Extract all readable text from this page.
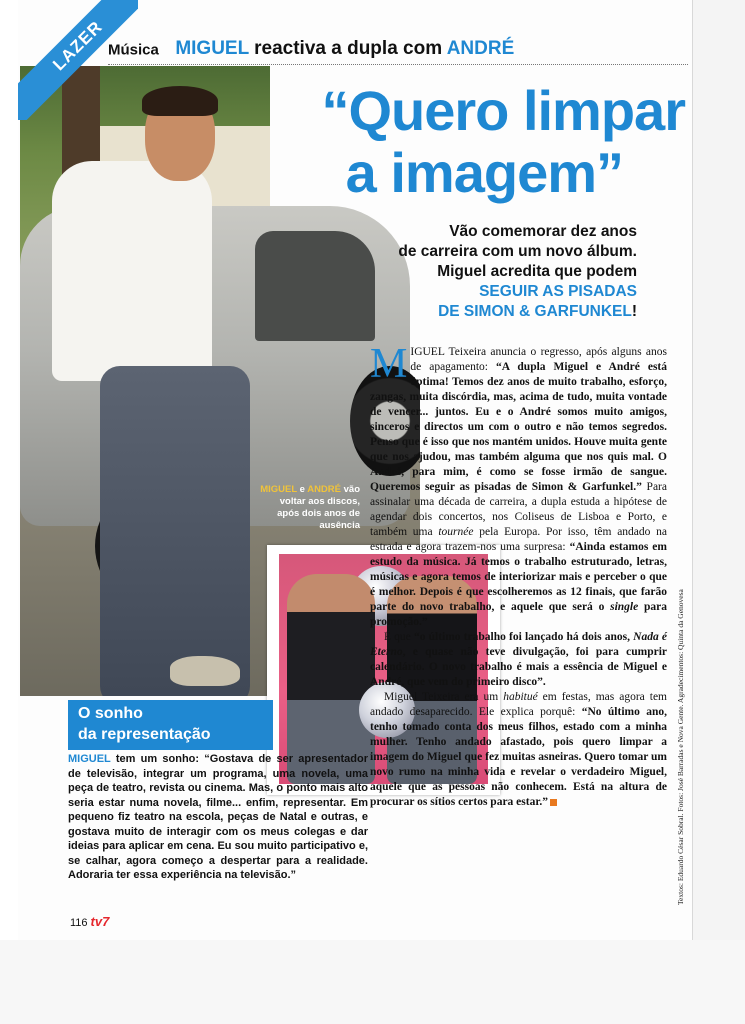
LAZER Música MIGUEL reactiva a dupla com ANDRÉ
“Quero limpar
a imagem”
Vão comemorar dez anos
de carreira com um novo álbum.
Miguel acredita que podem
SEGUIR AS PISADAS
DE SIMON & GARFUNKEL!
MIGUEL e ANDRÉ vão voltar aos discos, após dois anos de ausência
O sonho
da representação
MIGUEL tem um sonho: “Gostava de ser apresentador de televisão, integrar um programa, uma novela, uma peça de teatro, revista ou cinema. Mas, o ponto mais alto seria estar numa novela, filme... enfim, representar. Em pequeno fiz teatro na escola, peças de Natal e outras, e gostava muito de interagir com os meus colegas e dar ideias para aplicar em cena. Eu sou muito participativo e, se calhar, agora começo a despertar para a realidade. Adoraria ter essa experiência na televisão.”

MIGUEL Teixeira anuncia o regresso, após alguns anos de apagamento: “A dupla Miguel e André está óptima! Temos dez anos de muito trabalho, esforço, zangas, muita discórdia, mas, acima de tudo, muita vontade de vencer... juntos. Eu e o André somos muito amigos, sinceros e directos um com o outro e não temos segredos. Penso que é isso que nos mantém unidos. Houve muita gente que nos ajudou, mas também alguma que nos quis mal. O André, para mim, é como se fosse irmão de sangue. Queremos seguir as pisadas de Simon & Garfunkel.” Para assinalar uma década de carreira, a dupla estuda a hipótese de agendar dois concertos, nos Coliseus de Lisboa e Porto, e também uma tournée pela Europa. Por isso, têm andado na estrada e agora trazem-nos uma surpresa: “Ainda estamos em estudo da música. Já temos o trabalho estruturado, letras, músicas e agora temos de interiorizar mais e perceber o que é melhor. Depois é que escolheremos as 12 finais, que farão parte do novo trabalho, e aquele que será o single para promoção.”

É que “o último trabalho foi lançado há dois anos, Nada é Eterno, e quase não teve divulgação, foi para cumprir calendário. O novo trabalho é mais a essência de Miguel e André, que vem do primeiro disco”.

Miguel Teixeira era um habitué em festas, mas agora tem andado desaparecido. Ele explica porquê: “No último ano, tenho tomado conta dos meus filhos, estado com a minha mulher. Tenho andado afastado, pois quero limpar a imagem do Miguel que fez muitas asneiras. Quero tomar um novo rumo na minha vida e revelar o verdadeiro Miguel, aquele que as pessoas não conhecem. Está na altura de procurar os sítios certos para estar.”	Textos: Eduardo César Sobral. Fotos: José Barradas e Nova Gente. Agradecimentos: Quinta da Genovesa
116 tv7
